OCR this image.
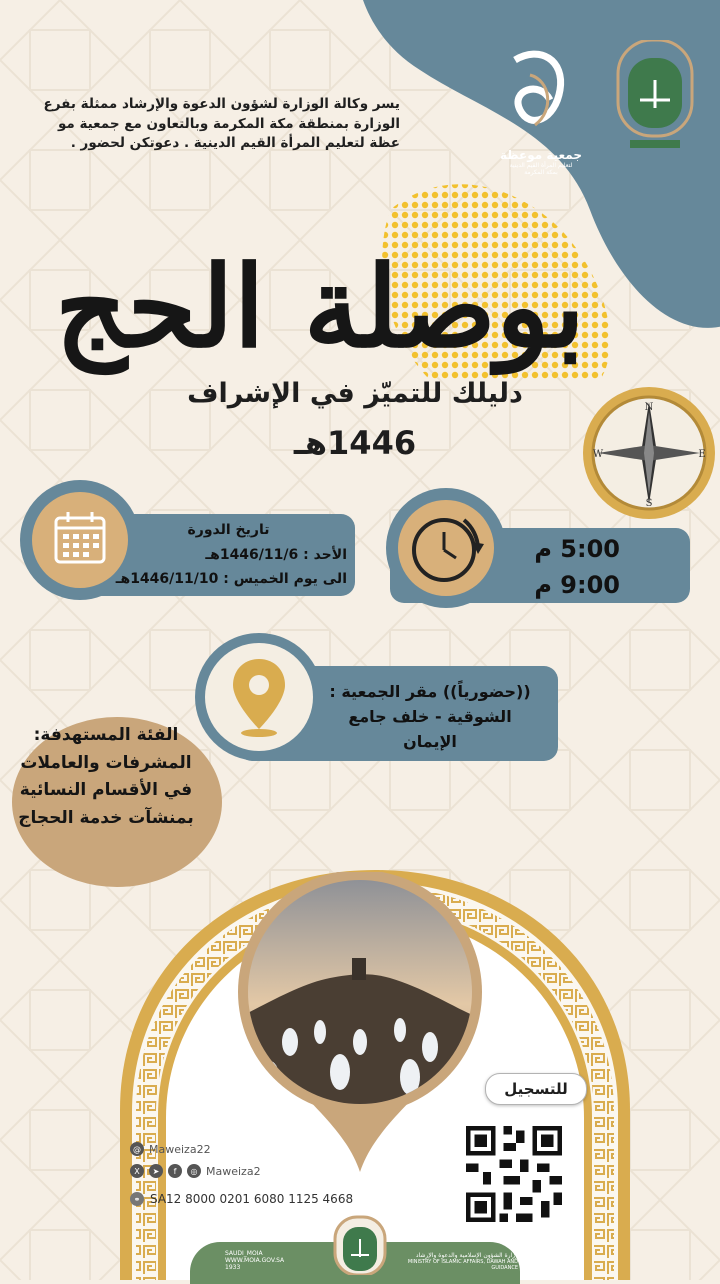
جمعية موعظة
لتعليم المرأة القيم الدينية
بمكة المكرمة
يسر وكالة الوزارة لشؤون الدعوة والإرشاد ممثلة بفرع الوزارة بمنطقة مكة المكرمة وبالتعاون مع جمعية مو عظة لتعليم المرأة القيم الدينية . دعوتكن لحضور .
بوصلة الحج
دليلك للتميّز في الإشراف
1446هـ
N
S
W	E
تاريخ الدورة
الأحد : 1446/11/6هـ
الى يوم الخميس : 1446/11/10هـ
5:00 م
9:00 م
((حضورياً)) مقر الجمعية :
الشوقية - خلف جامع
الإيمان
الفئة المستهدفة:
المشرفات والعاملات
في الأقسام النسائية
بمنشآت خدمة الحجاج
للتسجيل
@ Maweiza22
X	➤	f	◎ Maweiza2
⚭ SA12 8000 0201 6080 1125 4668
SAUDI_MOIA
WWW.MOIA.GOV.SA
1933
وزارة الشؤون الإسلامية والدعوة والإرشاد
MINISTRY OF ISLAMIC AFFAIRS, DAWAH AND GUIDANCE
